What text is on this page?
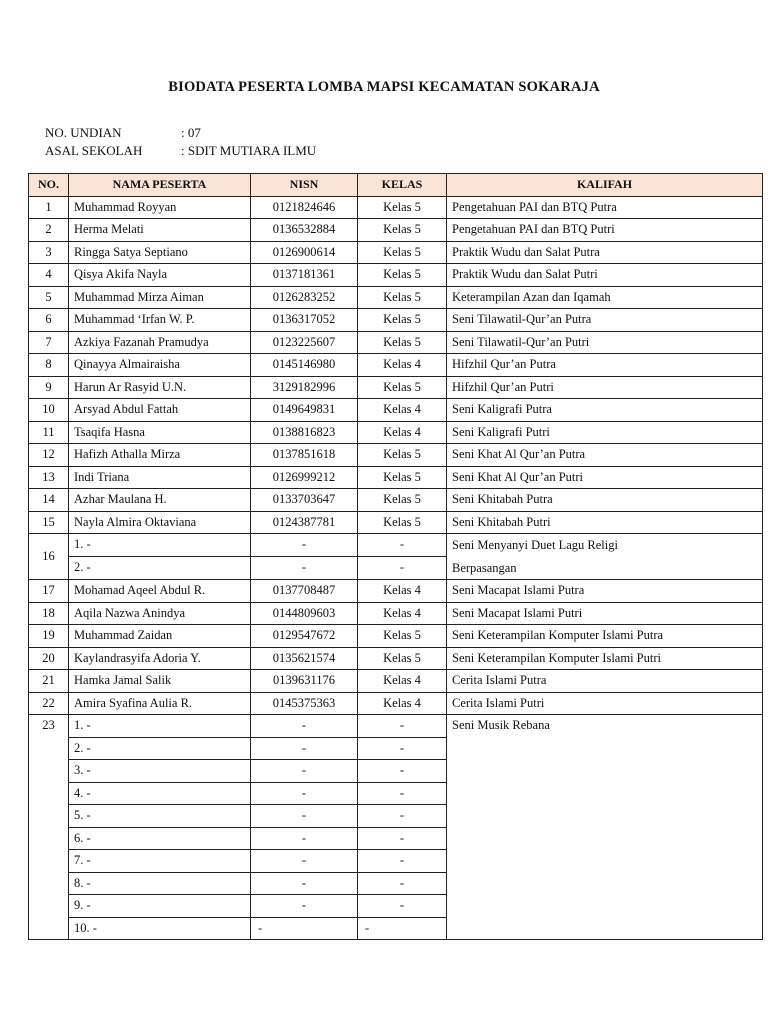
BIODATA PESERTA LOMBA MAPSI KECAMATAN SOKARAJA
NO. UNDIAN	: 07
ASAL SEKOLAH	: SDIT MUTIARA ILMU
NO.	NAMA PESERTA	NISN	KELAS	KALIFAH
1	Muhammad Royyan	0121824646	Kelas 5	Pengetahuan PAI dan BTQ Putra
2	Herma Melati	0136532884	Kelas 5	Pengetahuan PAI dan BTQ Putri
3	Ringga Satya Septiano	0126900614	Kelas 5	Praktik Wudu dan Salat Putra
4	Qisya Akifa Nayla	0137181361	Kelas 5	Praktik Wudu dan Salat Putri
5	Muhammad Mirza Aiman	0126283252	Kelas 5	Keterampilan Azan dan Iqamah
6	Muhammad ‘Irfan W. P.	0136317052	Kelas 5	Seni Tilawatil-Qur’an Putra
7	Azkiya Fazanah Pramudya	0123225607	Kelas 5	Seni Tilawatil-Qur’an Putri
8	Qinayya Almairaisha	0145146980	Kelas 4	Hifzhil Qur’an Putra
9	Harun Ar Rasyid U.N.	3129182996	Kelas 5	Hifzhil Qur’an Putri
10	Arsyad Abdul Fattah	0149649831	Kelas 4	Seni Kaligrafi Putra
11	Tsaqifa Hasna	0138816823	Kelas 4	Seni Kaligrafi Putri
12	Hafizh Athalla Mirza	0137851618	Kelas 5	Seni Khat Al Qur’an Putra
13	Indi Triana	0126999212	Kelas 5	Seni Khat Al Qur’an Putri
14	Azhar Maulana H.	0133703647	Kelas 5	Seni Khitabah Putra
15	Nayla Almira Oktaviana	0124387781	Kelas 5	Seni Khitabah Putri
16	1. -	-	-	Seni Menyanyi Duet Lagu Religi
Berpasangan

	2. -	-	-	
17	Mohamad Aqeel Abdul R.	0137708487	Kelas 4	Seni Macapat Islami Putra
18	Aqila Nazwa Anindya	0144809603	Kelas 4	Seni Macapat Islami Putri
19	Muhammad Zaidan	0129547672	Kelas 5	Seni Keterampilan Komputer Islami Putra
20	Kaylandrasyifa Adoria Y.	0135621574	Kelas 5	Seni Keterampilan Komputer Islami Putri
21	Hamka Jamal Salik	0139631176	Kelas 4	Cerita Islami Putra
22	Amira Syafina Aulia R.	0145375363	Kelas 4	Cerita Islami Putri
23	1. -	-	-	Seni Musik Rebana
	2. -	-	-	
	3. -	-	-	
	4. -	-	-	
	5. -	-	-	
	6. -	-	-	
	7. -	-	-	
	8. -	-	-	
	9. -	-	-	
	10. -	-	-	
